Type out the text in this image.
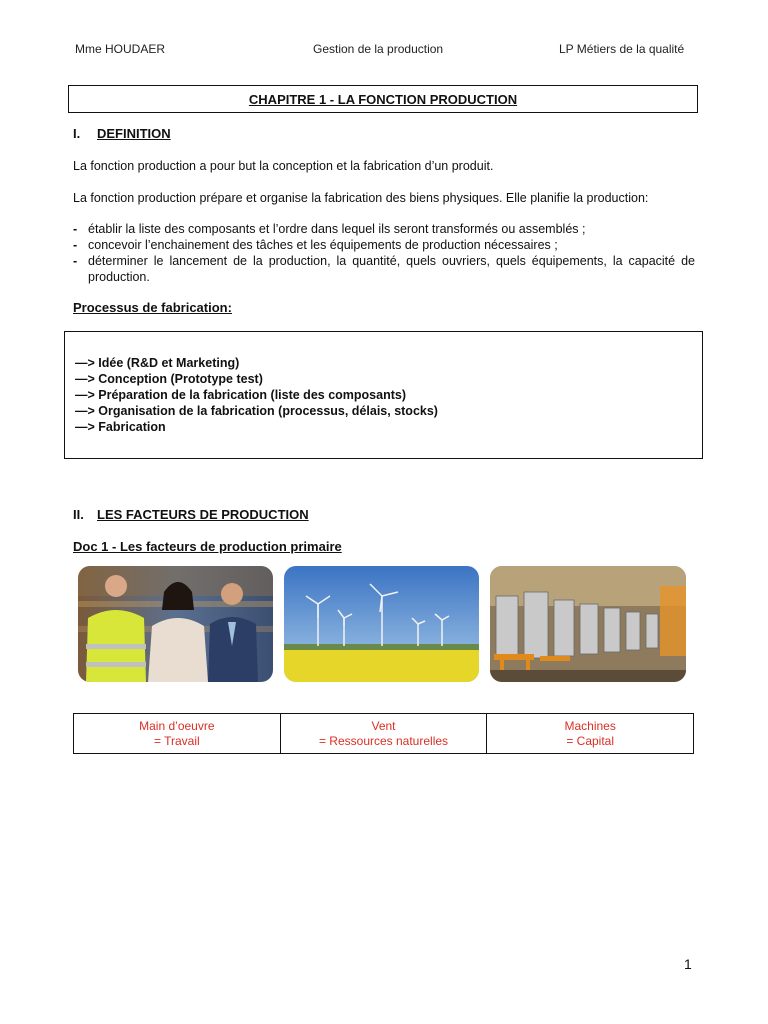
Mme HOUDAER	Gestion de la production	LP Métiers de la qualité
CHAPITRE 1 - LA FONCTION PRODUCTION
I. DEFINITION
La fonction production a pour but la conception et la fabrication d’un produit.
La fonction production prépare et organise la fabrication des biens physiques. Elle planifie la production:
- établir la liste des composants et l’ordre dans lequel ils seront transformés ou assemblés ;
- concevoir l’enchainement des tâches et les équipements de production nécessaires ;
- déterminer le lancement de la production, la quantité, quels ouvriers, quels équipements, la capacité de production.
Processus de fabrication:
—> Idée (R&D et Marketing)
—> Conception (Prototype test)
—> Préparation de la fabrication (liste des composants)
—> Organisation de la fabrication (processus, délais, stocks)
—> Fabrication
II. LES FACTEURS DE PRODUCTION
Doc 1 - Les facteurs de production primaire
Main d’oeuvre
= Travail
Vent
= Ressources naturelles
Machines
= Capital
1
